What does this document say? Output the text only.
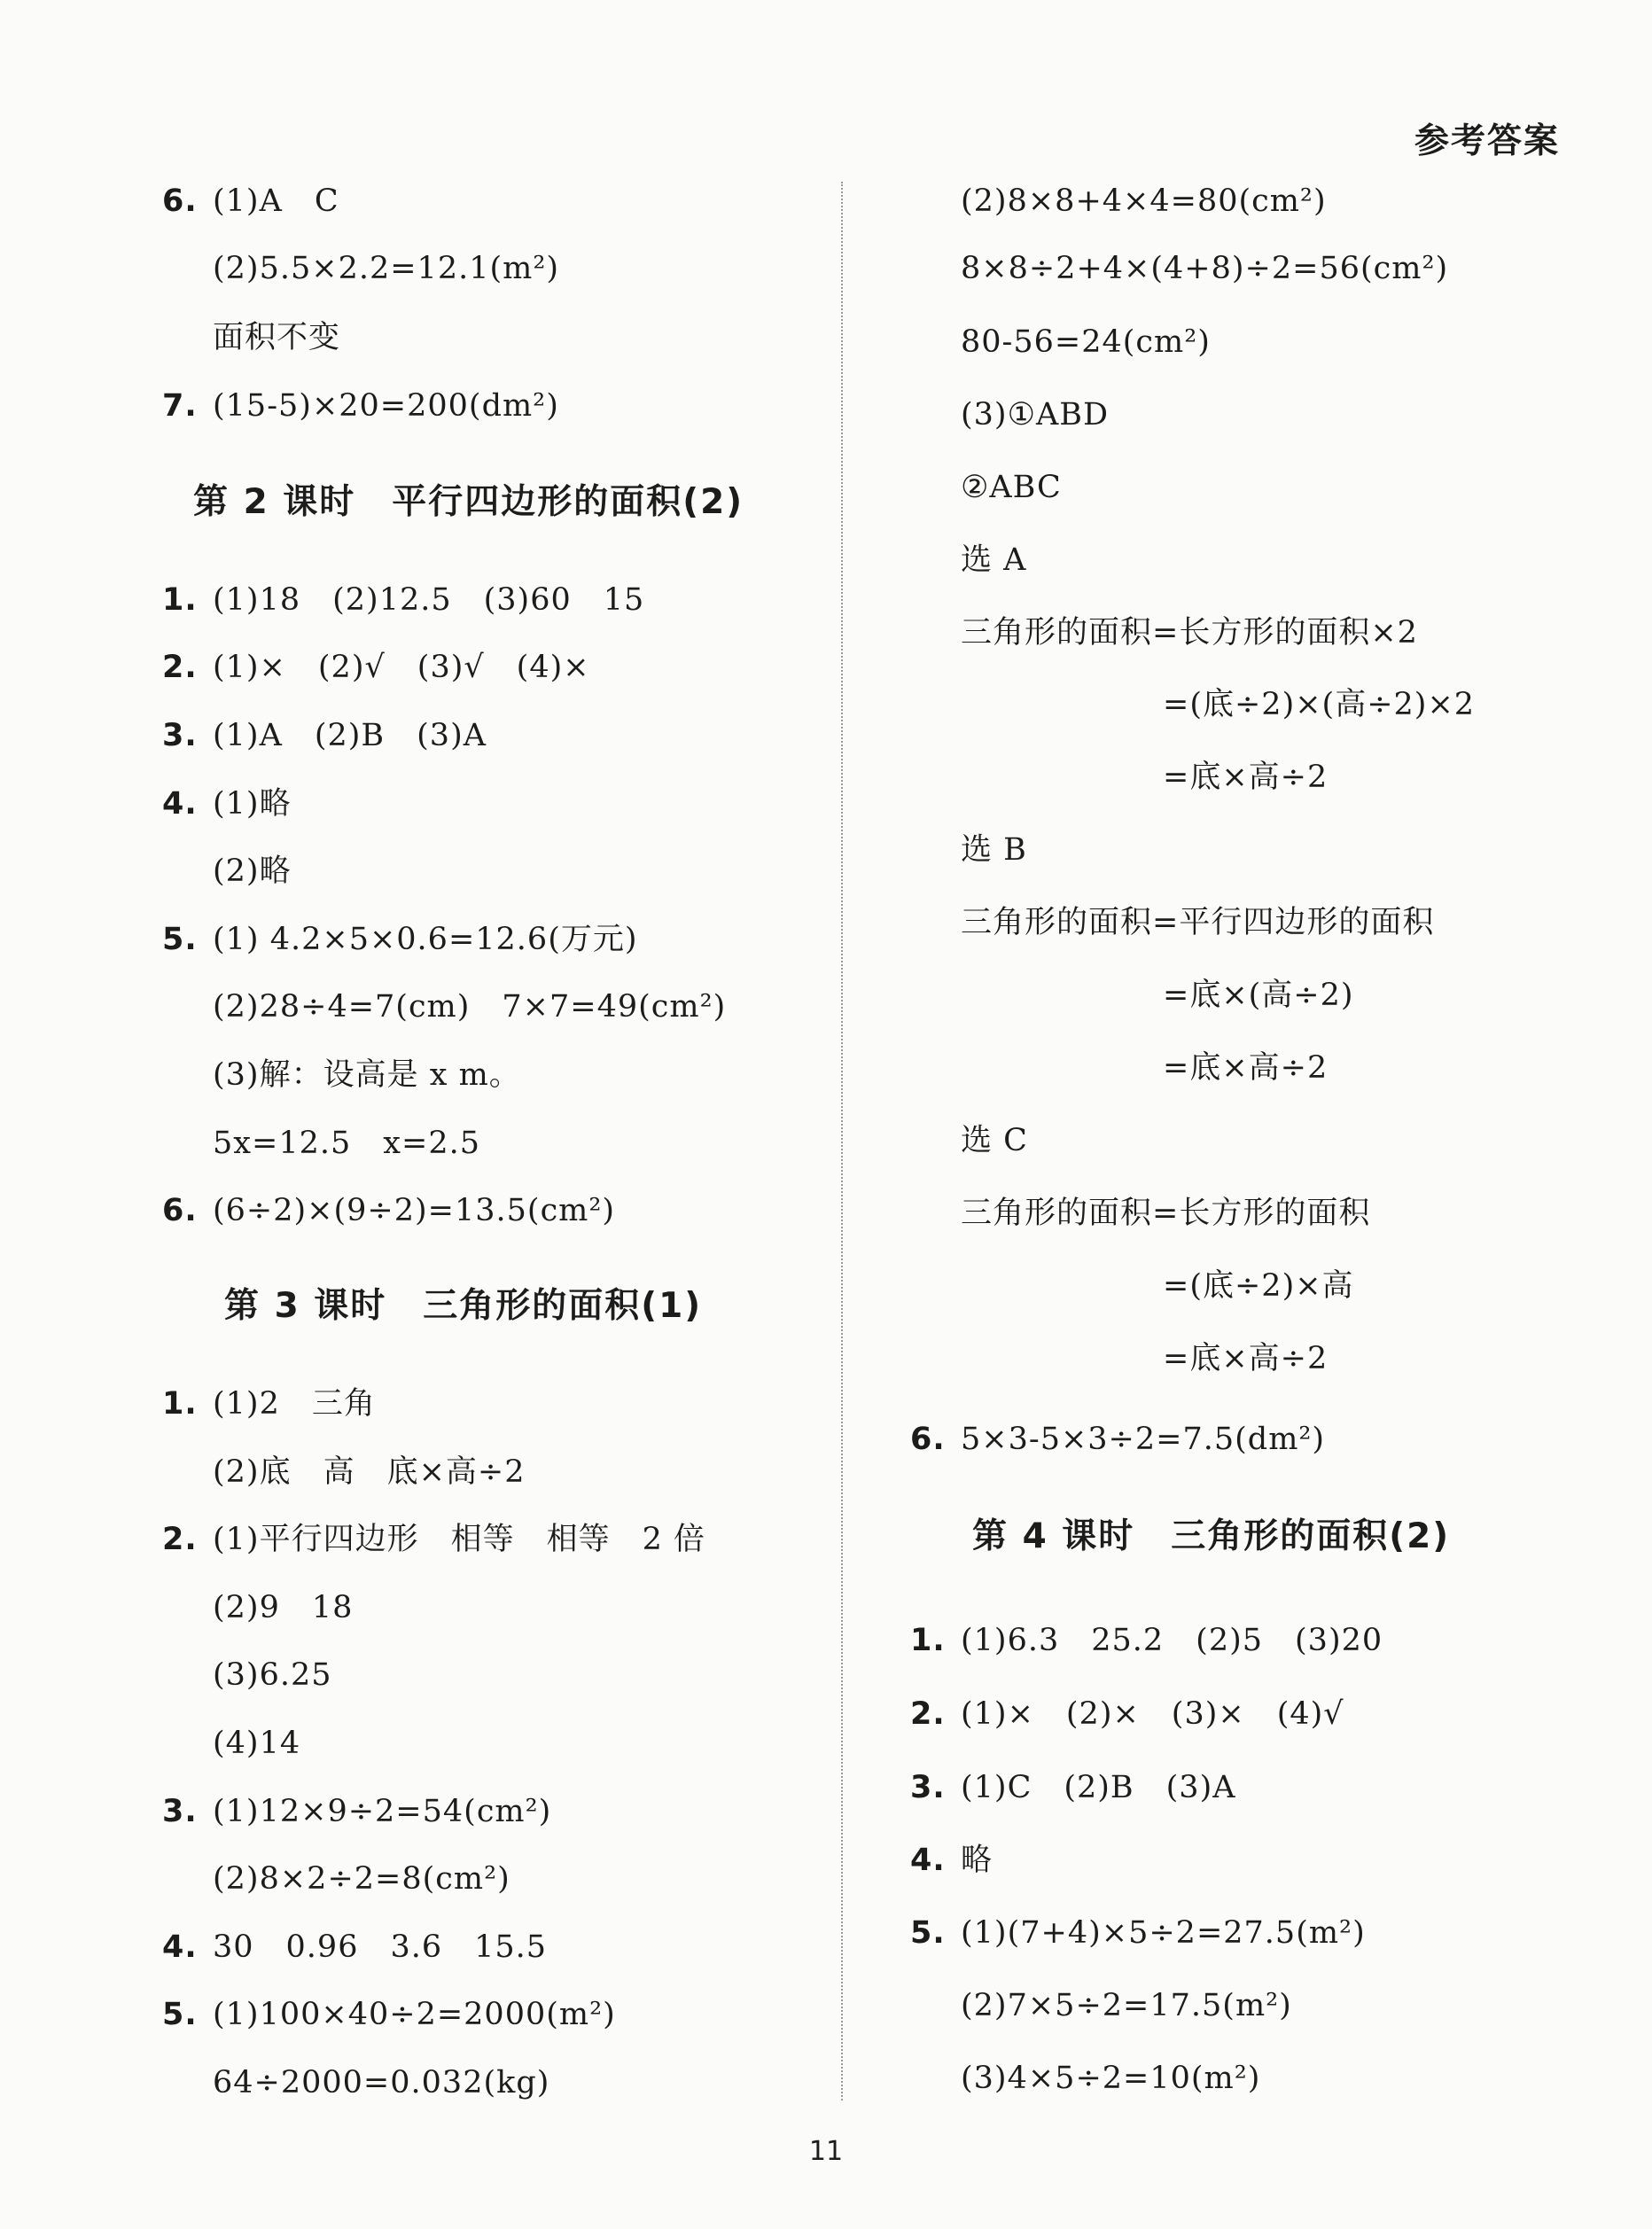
参考答案
6. (1)A　C
(2)5.5×2.2=12.1(m²)
面积不变
7. (15-5)×20=200(dm²)
第 2 课时　平行四边形的面积(2)
1. (1)18　(2)12.5　(3)60　15
2. (1)×　(2)√　(3)√　(4)×
3. (1)A　(2)B　(3)A
4. (1)略
(2)略
5. (1) 4.2×5×0.6=12.6(万元)
(2)28÷4=7(cm)　7×7=49(cm²)
(3)解：设高是 x m。
5x=12.5　x=2.5
6. (6÷2)×(9÷2)=13.5(cm²)
第 3 课时　三角形的面积(1)
1. (1)2　三角
(2)底　高　底×高÷2
2. (1)平行四边形　相等　相等　2 倍
(2)9　18
(3)6.25
(4)14
3. (1)12×9÷2=54(cm²)
(2)8×2÷2=8(cm²)
4. 30　0.96　3.6　15.5
5. (1)100×40÷2=2000(m²)
64÷2000=0.032(kg)
(2)8×8+4×4=80(cm²)
8×8÷2+4×(4+8)÷2=56(cm²)
80-56=24(cm²)
(3)①ABD
②ABC
选 A
三角形的面积=长方形的面积×2
=(底÷2)×(高÷2)×2
=底×高÷2
选 B
三角形的面积=平行四边形的面积
=底×(高÷2)
=底×高÷2
选 C
三角形的面积=长方形的面积
=(底÷2)×高
=底×高÷2
6. 5×3-5×3÷2=7.5(dm²)
第 4 课时　三角形的面积(2)
1. (1)6.3　25.2　(2)5　(3)20
2. (1)×　(2)×　(3)×　(4)√
3. (1)C　(2)B　(3)A
4. 略
5. (1)(7+4)×5÷2=27.5(m²)
(2)7×5÷2=17.5(m²)
(3)4×5÷2=10(m²)
11
